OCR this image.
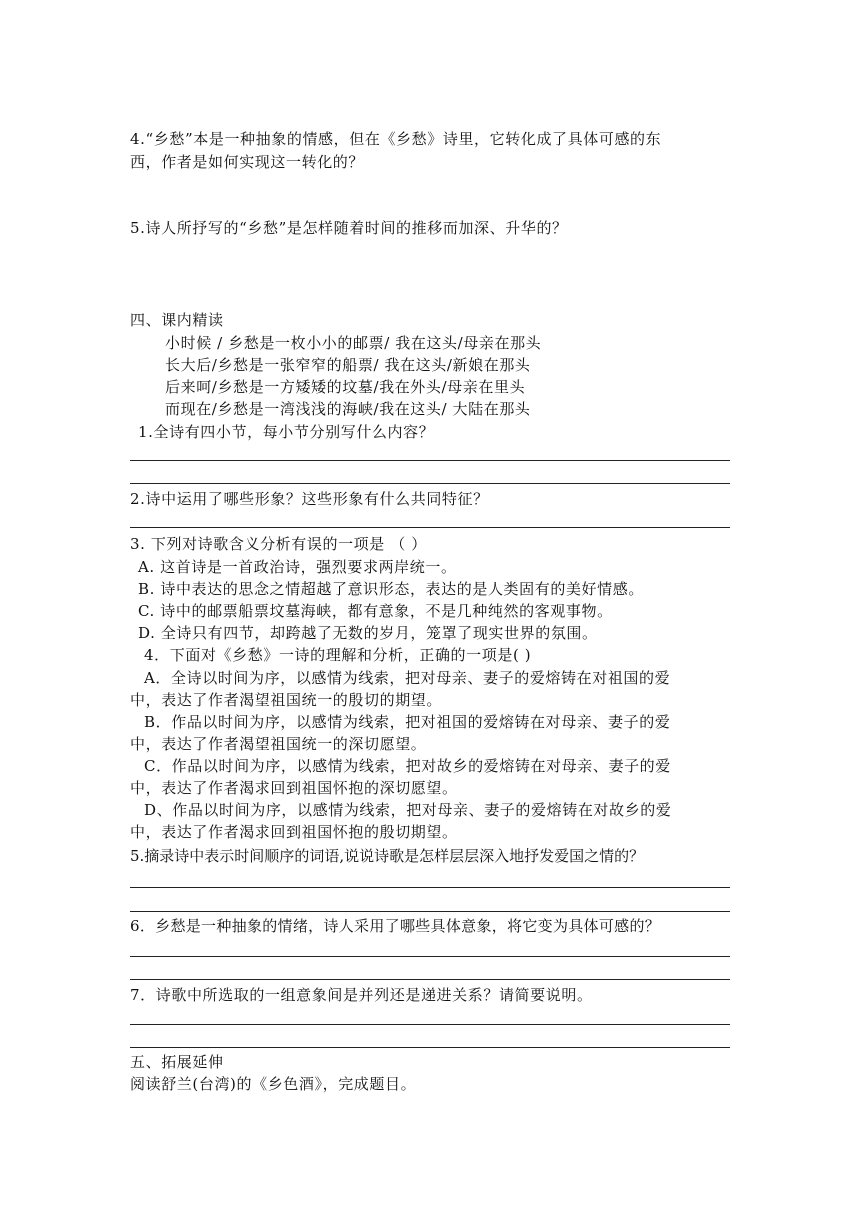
4.“乡愁”本是一种抽象的情感，但在《乡愁》诗里，它转化成了具体可感的东
西，作者是如何实现这一转化的？
5.诗人所抒写的“乡愁”是怎样随着时间的推移而加深、升华的？
四、课内精读
小时候 / 乡愁是一枚小小的邮票/ 我在这头/母亲在那头
长大后/乡愁是一张窄窄的船票/ 我在这头/新娘在那头
后来呵/乡愁是一方矮矮的坟墓/我在外头/母亲在里头
而现在/乡愁是一湾浅浅的海峡/我在这头/ 大陆在那头
1.全诗有四小节，每小节分别写什么内容？
2.诗中运用了哪些形象？这些形象有什么共同特征？
3. 下列对诗歌含义分析有误的一项是 （ ）
A. 这首诗是一首政治诗，强烈要求两岸统一。
B. 诗中表达的思念之情超越了意识形态，表达的是人类固有的美好情感。
C. 诗中的邮票船票坟墓海峡，都有意象，不是几种纯然的客观事物。
D. 全诗只有四节，却跨越了无数的岁月，笼罩了现实世界的氛围。
4．下面对《乡愁》一诗的理解和分析，正确的一项是( )
A．全诗以时间为序，以感情为线索，把对母亲、妻子的爱熔铸在对祖国的爱
中，表达了作者渴望祖国统一的殷切的期望。
B．作品以时间为序，以感情为线索，把对祖国的爱熔铸在对母亲、妻子的爱
中，表达了作者渴望祖国统一的深切愿望。
C．作品以时间为序，以感情为线索，把对故乡的爱熔铸在对母亲、妻子的爱
中，表达了作者渴求回到祖国怀抱的深切愿望。
D、作品以时间为序，以感情为线索，把对母亲、妻子的爱熔铸在对故乡的爱
中，表达了作者渴求回到祖国怀抱的殷切期望。
5.摘录诗中表示时间顺序的词语,说说诗歌是怎样层层深入地抒发爱国之情的？
6．乡愁是一种抽象的情绪，诗人采用了哪些具体意象，将它变为具体可感的？
7．诗歌中所选取的一组意象间是并列还是递进关系？请简要说明。
五、拓展延伸
阅读舒兰(台湾)的《乡色酒》，完成题目。
